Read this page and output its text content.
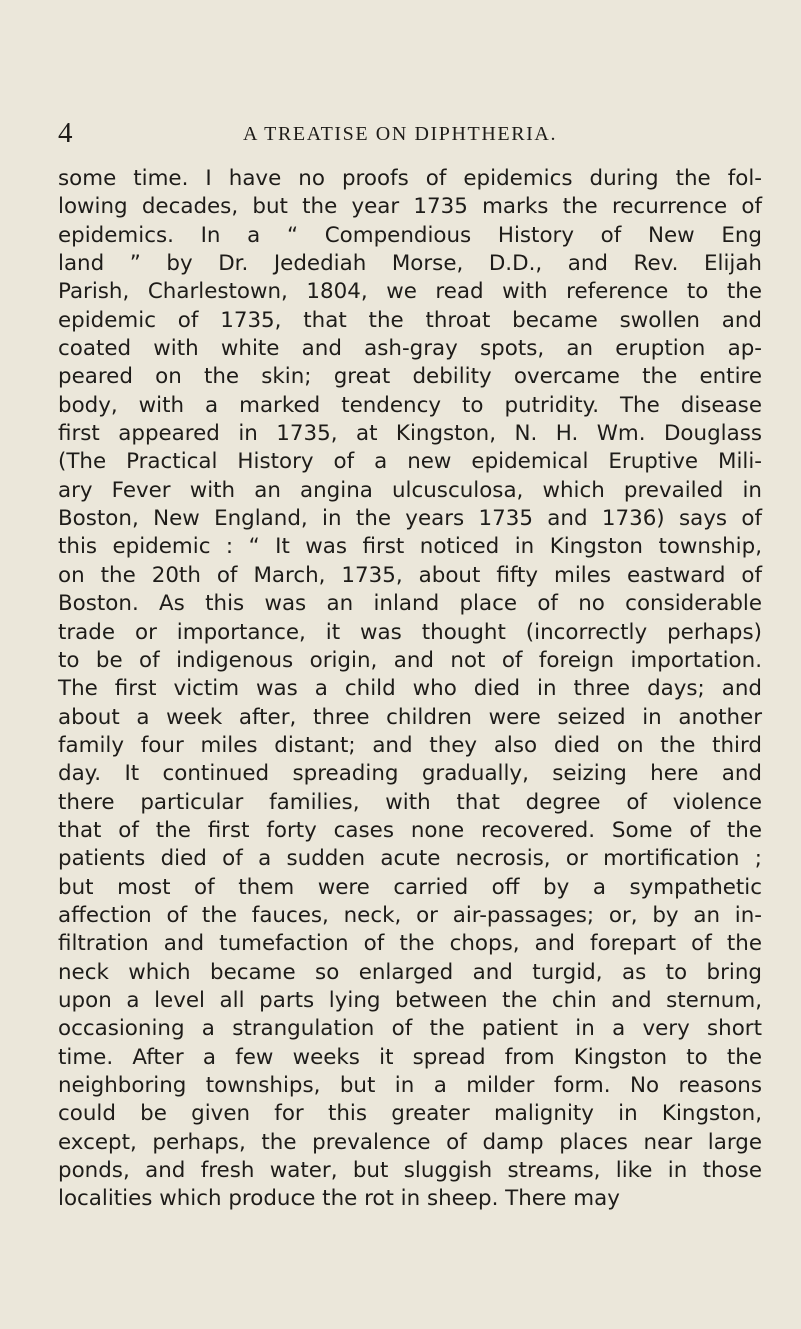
4	A TREATISE ON DIPHTHERIA.
some time. I have no proofs of epidemics during the fol-
lowing decades, but the year 1735 marks the recurrence of
epidemics. In a “ Compendious History of New Eng
land ” by Dr. Jedediah Morse, D.D., and Rev. Elijah
Parish, Charlestown, 1804, we read with reference to the
epidemic of 1735, that the throat became swollen and
coated with white and ash-gray spots, an eruption ap-
peared on the skin; great debility overcame the entire
body, with a marked tendency to putridity. The disease
first appeared in 1735, at Kingston, N. H. Wm. Douglass
(The Practical History of a new epidemical Eruptive Mili-
ary Fever with an angina ulcusculosa, which prevailed in
Boston, New England, in the years 1735 and 1736) says of
this epidemic : “ It was first noticed in Kingston township,
on the 20th of March, 1735, about fifty miles eastward of
Boston. As this was an inland place of no considerable
trade or importance, it was thought (incorrectly perhaps)
to be of indigenous origin, and not of foreign importation.
The first victim was a child who died in three days; and
about a week after, three children were seized in another
family four miles distant; and they also died on the third
day. It continued spreading gradually, seizing here and
there particular families, with that degree of violence
that of the first forty cases none recovered. Some of the
patients died of a sudden acute necrosis, or mortification ;
but most of them were carried off by a sympathetic
affection of the fauces, neck, or air-passages; or, by an in-
filtration and tumefaction of the chops, and forepart of the
neck which became so enlarged and turgid, as to bring
upon a level all parts lying between the chin and sternum,
occasioning a strangulation of the patient in a very short
time. After a few weeks it spread from Kingston to the
neighboring townships, but in a milder form. No reasons
could be given for this greater malignity in Kingston,
except, perhaps, the prevalence of damp places near large
ponds, and fresh water, but sluggish streams, like in those
localities which produce the rot in sheep. There may
